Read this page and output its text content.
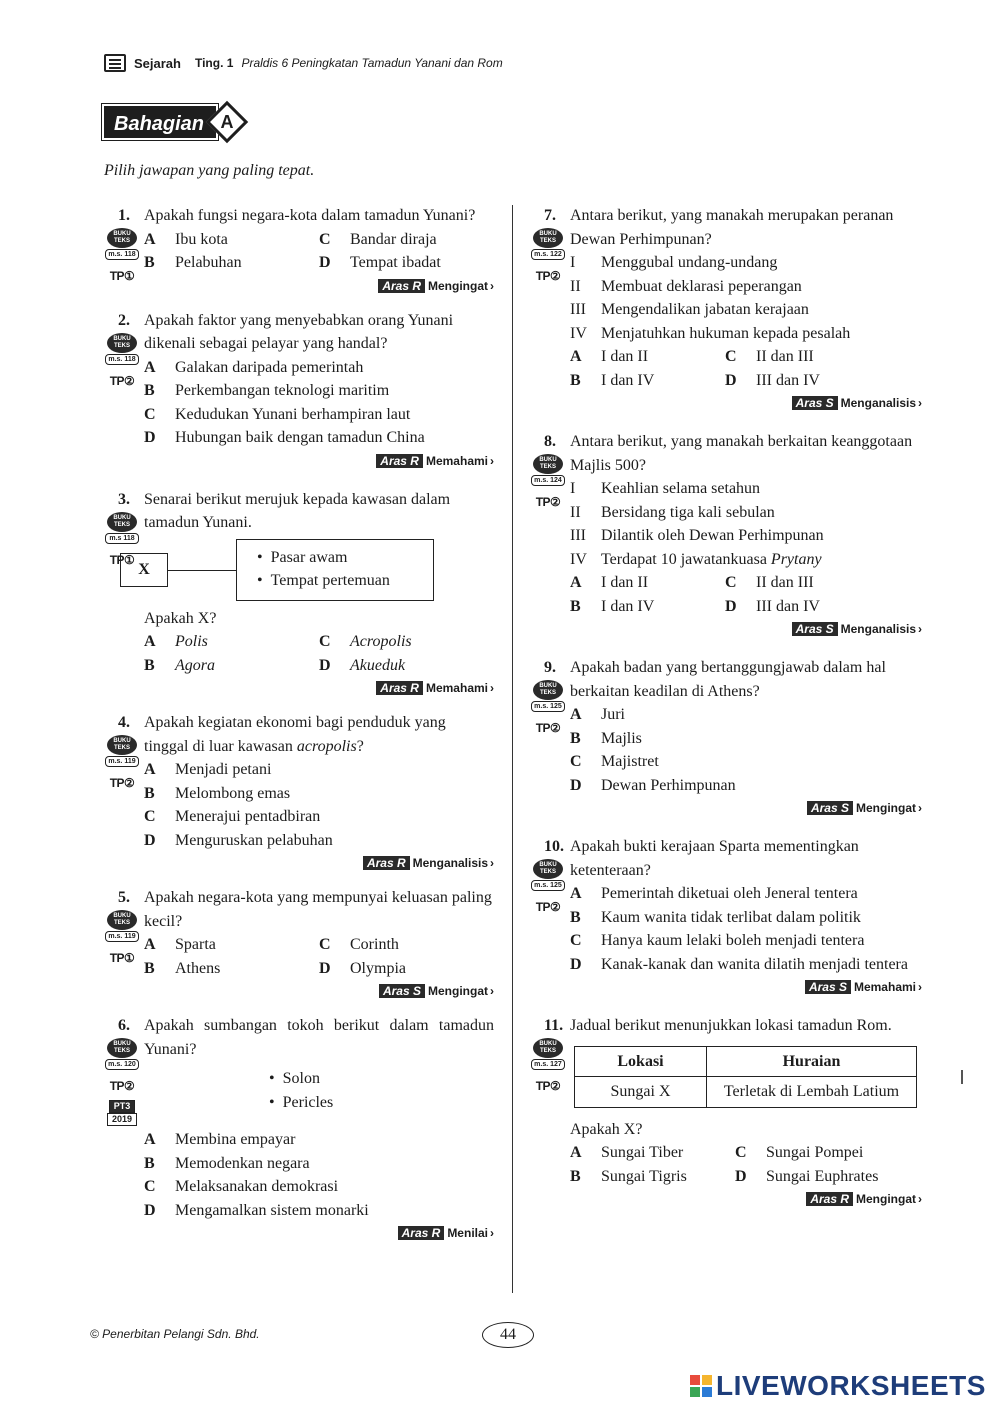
Sejarah Ting. 1 Praldis 6 Peningkatan Tamadun Yanani dan Rom
Bahagian A
Pilih jawapan yang paling tepat.
1.
BUKU TEKS
m.s. 118
TP①
Apakah fungsi negara-kota dalam tamadun Yunani?
A	Ibu kota	C	Bandar diraja
B	Pelabuhan	D	Tempat ibadat
Aras R Mengingat ›
2.
BUKU TEKS
m.s. 118
TP②
Apakah faktor yang menyebabkan orang Yunani dikenali sebagai pelayar yang handal?
A	Galakan daripada pemerintah
B	Perkembangan teknologi maritim
C	Kedudukan Yunani berhampiran laut
D	Hubungan baik dengan tamadun China
Aras R Memahami ›
3.
BUKU TEKS
m.s 118
TP①
Senarai berikut merujuk kepada kawasan dalam tamadun Yunani.
X
• Pasar awam
• Tempat pertemuan
Apakah X?
A	Polis	C	Acropolis
B	Agora	D	Akueduk
Aras R Memahami ›
4.
BUKU TEKS
m.s. 119
TP②
Apakah kegiatan ekonomi bagi penduduk yang tinggal di luar kawasan acropolis?
A	Menjadi petani
B	Melombong emas
C	Menerajui pentadbiran
D	Menguruskan pelabuhan
Aras R Menganalisis ›
5.
BUKU TEKS
m.s. 119
TP①
Apakah negara-kota yang mempunyai keluasan paling kecil?
A	Sparta	C	Corinth
B	Athens	D	Olympia
Aras S Mengingat ›
6.
BUKU TEKS
m.s. 120
TP②
PT3
2019
Apakah sumbangan tokoh berikut dalam tamadun Yunani?
• Solon
• Pericles
A	Membina empayar
B	Memodenkan negara
C	Melaksanakan demokrasi
D	Mengamalkan sistem monarki
Aras R Menilai ›
7.
BUKU TEKS
m.s. 122
TP②
Antara berikut, yang manakah merupakan peranan Dewan Perhimpunan?
I	Menggubal undang-undang
II	Membuat deklarasi peperangan
III Mengendalikan jabatan kerajaan
IV Menjatuhkan hukuman kepada pesalah
A	I dan II	C	II dan III
B	I dan IV	D	III dan IV
Aras S Menganalisis ›
8.
BUKU TEKS
m.s. 124
TP②
Antara berikut, yang manakah berkaitan keanggotaan Majlis 500?
I	Keahlian selama setahun
II	Bersidang tiga kali sebulan
III Dilantik oleh Dewan Perhimpunan
IV Terdapat 10 jawatankuasa Prytany
A	I dan II	C	II dan III
B	I dan IV	D	III dan IV
Aras S Menganalisis ›
9.
BUKU TEKS
m.s. 125
TP②
Apakah badan yang bertanggungjawab dalam hal berkaitan keadilan di Athens?
A	Juri
B	Majlis
C	Majistret
D	Dewan Perhimpunan
Aras S Mengingat ›
10.
BUKU TEKS
m.s. 125
TP②
Apakah bukti kerajaan Sparta mementingkan ketenteraan?
A	Pemerintah diketuai oleh Jeneral tentera
B	Kaum wanita tidak terlibat dalam politik
C	Hanya kaum lelaki boleh menjadi tentera
D	Kanak-kanak dan wanita dilatih menjadi tentera
Aras S Memahami ›
11.
BUKU TEKS
m.s. 127
TP②
Jadual berikut menunjukkan lokasi tamadun Rom.
Lokasi	Huraian
Sungai X	Terletak di Lembah Latium
Apakah X?
A	Sungai Tiber	C	Sungai Pompei
B	Sungai Tigris	D	Sungai Euphrates
Aras R Mengingat ›
© Penerbitan Pelangi Sdn. Bhd.	44
LIVEWORKSHEETS
